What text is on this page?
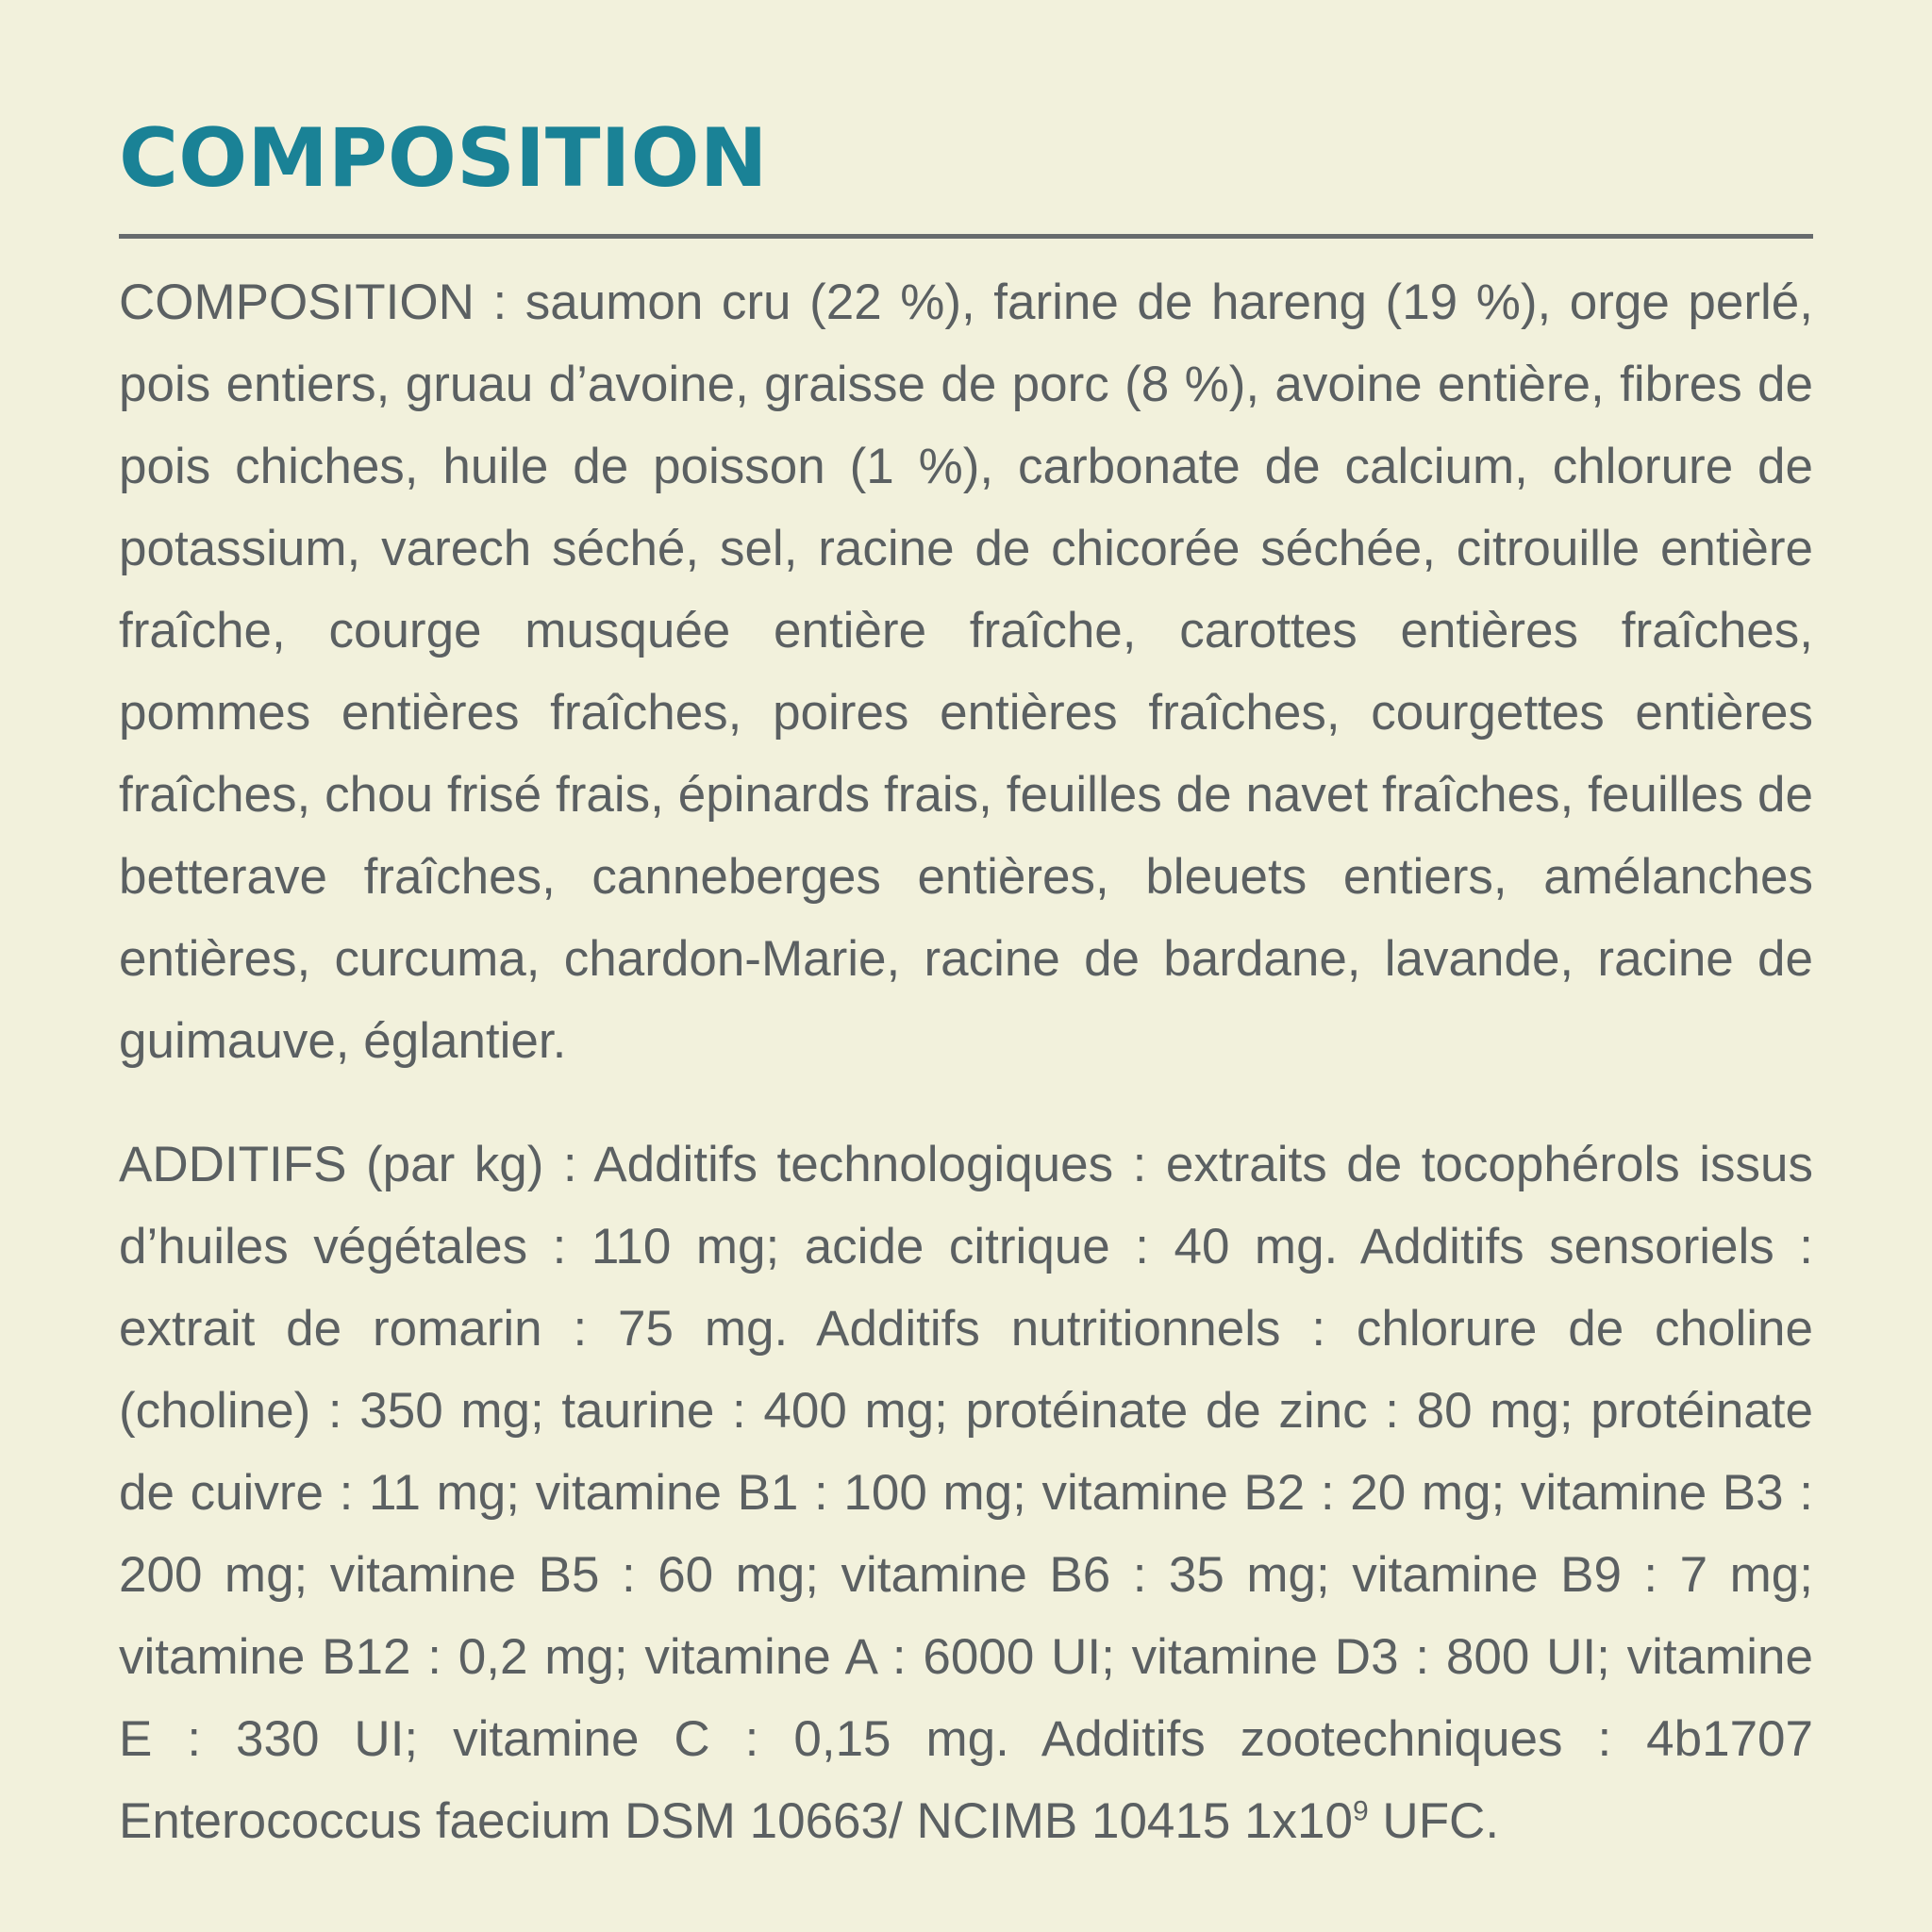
COMPOSITION

COMPOSITION : saumon cru (22 %), farine de hareng (19 %), orge perlé, pois entiers, gruau d’avoine, graisse de porc (8 %), avoine entière, fibres de pois chiches, huile de poisson (1 %), carbonate de calcium, chlorure de potassium, varech séché, sel, racine de chicorée séchée, citrouille entière fraîche, courge musquée entière fraîche, carottes entières fraîches, pommes entières fraîches, poires entières fraîches, courgettes entières fraîches, chou frisé frais, épinards frais, feuilles de navet fraîches, feuilles de betterave fraîches, canneberges entières, bleuets entiers, amélanches entières, curcuma, chardon-Marie, racine de bardane, lavande, racine de guimauve, églantier.

ADDITIFS (par kg) : Additifs technologiques : extraits de tocophérols issus d’huiles végétales : 110 mg; acide citrique : 40 mg. Additifs sensoriels : extrait de romarin : 75 mg. Additifs nutritionnels : chlorure de choline (choline) : 350 mg; taurine : 400 mg; protéinate de zinc : 80 mg; protéinate de cuivre : 11 mg; vitamine B1 : 100 mg; vitamine B2 : 20 mg; vitamine B3 : 200 mg; vitamine B5 : 60 mg; vitamine B6 : 35 mg; vitamine B9 : 7 mg; vitamine B12 : 0,2 mg; vitamine A : 6000 UI; vitamine D3 : 800 UI; vitamine E : 330 UI; vitamine C : 0,15 mg. Additifs zootechniques : 4b1707 Enterococcus faecium DSM 10663/ NCIMB 10415 $1x10^9$ UFC.
